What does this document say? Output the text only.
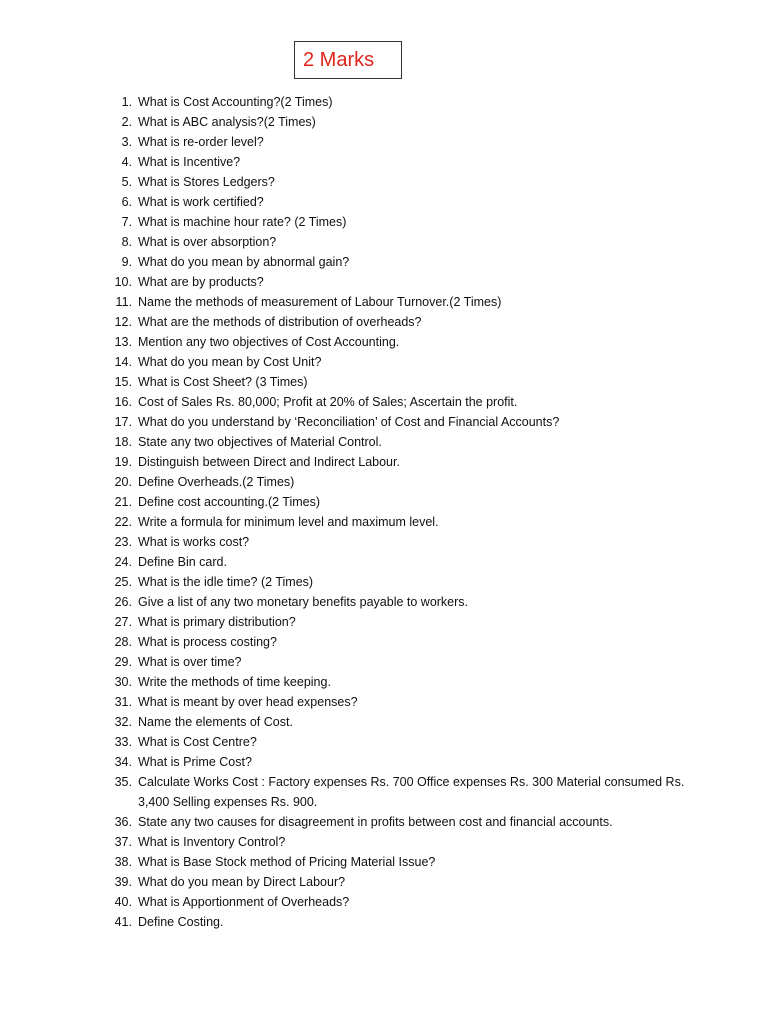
2 Marks
1. What is Cost Accounting?(2 Times)
2. What is ABC analysis?(2 Times)
3. What is re-order level?
4. What is Incentive?
5. What is Stores Ledgers?
6. What is work certified?
7. What is machine hour rate? (2 Times)
8. What is over absorption?
9. What do you mean by abnormal gain?
10. What are by products?
11. Name the methods of measurement of Labour Turnover.(2 Times)
12. What are the methods of distribution of overheads?
13. Mention any two objectives of Cost Accounting.
14. What do you mean by Cost Unit?
15. What is Cost Sheet? (3 Times)
16. Cost of Sales Rs. 80,000; Profit at 20% of Sales; Ascertain the profit.
17. What do you understand by ‘Reconciliation’ of Cost and Financial Accounts?
18. State any two objectives of Material Control.
19. Distinguish between Direct and Indirect Labour.
20. Define Overheads.(2 Times)
21. Define cost accounting.(2 Times)
22. Write a formula for minimum level and maximum level.
23. What is works cost?
24. Define Bin card.
25. What is the idle time? (2 Times)
26. Give a list of any two monetary benefits payable to workers.
27. What is primary distribution?
28. What is process costing?
29. What is over time?
30. Write the methods of time keeping.
31. What is meant by over head expenses?
32. Name the elements of Cost.
33. What is Cost Centre?
34. What is Prime Cost?
35. Calculate Works Cost : Factory expenses Rs. 700 Office expenses Rs. 300 Material consumed Rs. 3,400 Selling expenses Rs. 900.
36. State any two causes for disagreement in profits between cost and financial accounts.
37. What is Inventory Control?
38. What is Base Stock method of Pricing Material Issue?
39. What do you mean by Direct Labour?
40. What is Apportionment of Overheads?
41. Define Costing.
